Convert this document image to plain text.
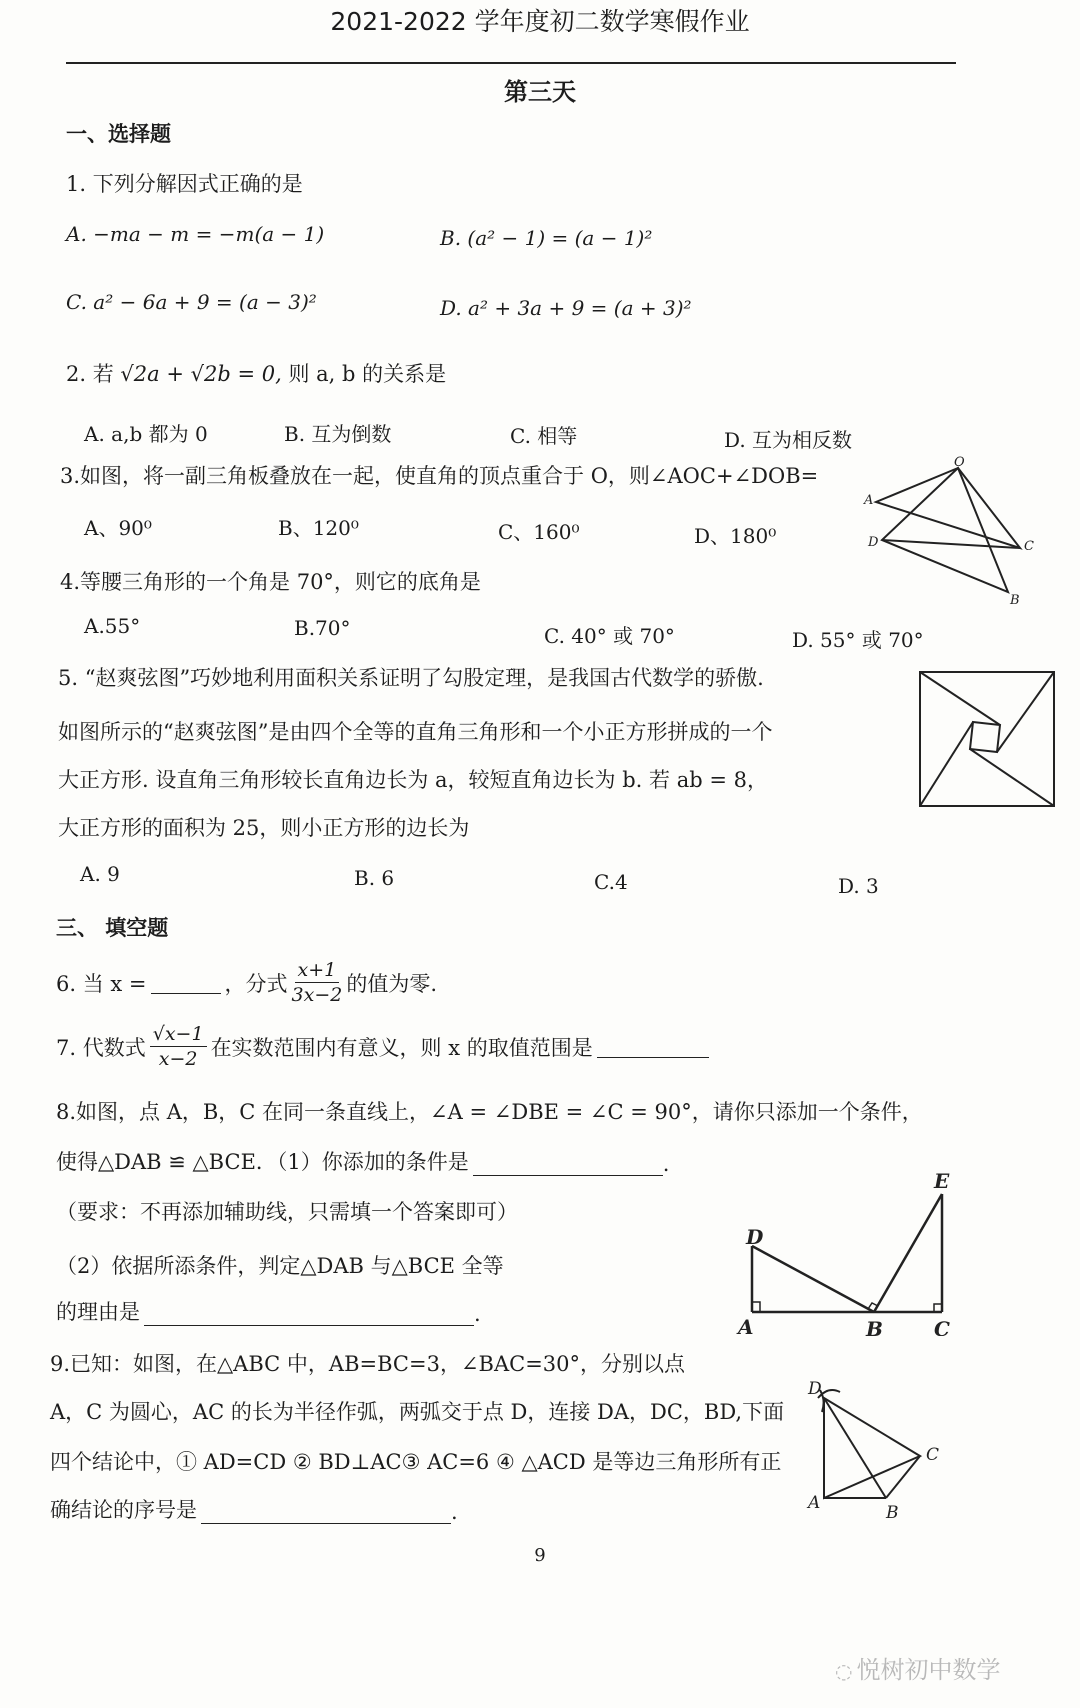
2021-2022 学年度初二数学寒假作业
第三天
一、选择题
1. 下列分解因式正确的是
A. −ma − m = −m(a − 1)	B. (a² − 1) = (a − 1)²
C. a² − 6a + 9 = (a − 3)²	D. a² + 3a + 9 = (a + 3)²
2. 若 √2a + √2b = 0, 则 a, b 的关系是
A. a,b 都为 0	B. 互为倒数	C. 相等	D. 互为相反数
3.如图，将一副三角板叠放在一起，使直角的顶点重合于 O，则∠AOC+∠DOB=
A、90⁰	B、120⁰	C、160⁰	D、180⁰
O
A
D	C
B
4.等腰三角形的一个角是 70°，则它的底角是
A.55°	B.70°	C. 40° 或 70°	D. 55° 或 70°
5. “赵爽弦图”巧妙地利用面积关系证明了勾股定理，是我国古代数学的骄傲.
如图所示的“赵爽弦图”是由四个全等的直角三角形和一个小正方形拼成的一个
大正方形. 设直角三角形较长直角边长为 a，较短直角边长为 b. 若 ab = 8，
大正方形的面积为 25，则小正方形的边长为
A. 9	B. 6	C.4	D. 3
三、 填空题
6. 当 x =	，分式 $\frac{x+1}{3x-2}$ 的值为零.
7. 代数式 $\frac{√x-1}{x-2}$ 在实数范围内有意义，则 x 的取值范围是
8.如图，点 A，B，C 在同一条直线上，∠A = ∠DBE = ∠C = 90°，请你只添加一个条件，
使得△DAB ≌ △BCE．（1）你添加的条件是	.
（要求：不再添加辅助线，只需填一个答案即可）
（2）依据所添条件，判定△DAB 与△BCE 全等
的理由是	.
D
E
A	B	C
9.已知：如图，在△ABC 中，AB=BC=3，∠BAC=30°，分别以点
A，C 为圆心，AC 的长为半径作弧，两弧交于点 D，连接 DA，DC，BD,下面
四个结论中，① AD=CD ② BD⊥AC③ AC=6 ④ △ACD 是等边三角形所有正
确结论的序号是	.
D
C
A	B
9
◌ 悦树初中数学
